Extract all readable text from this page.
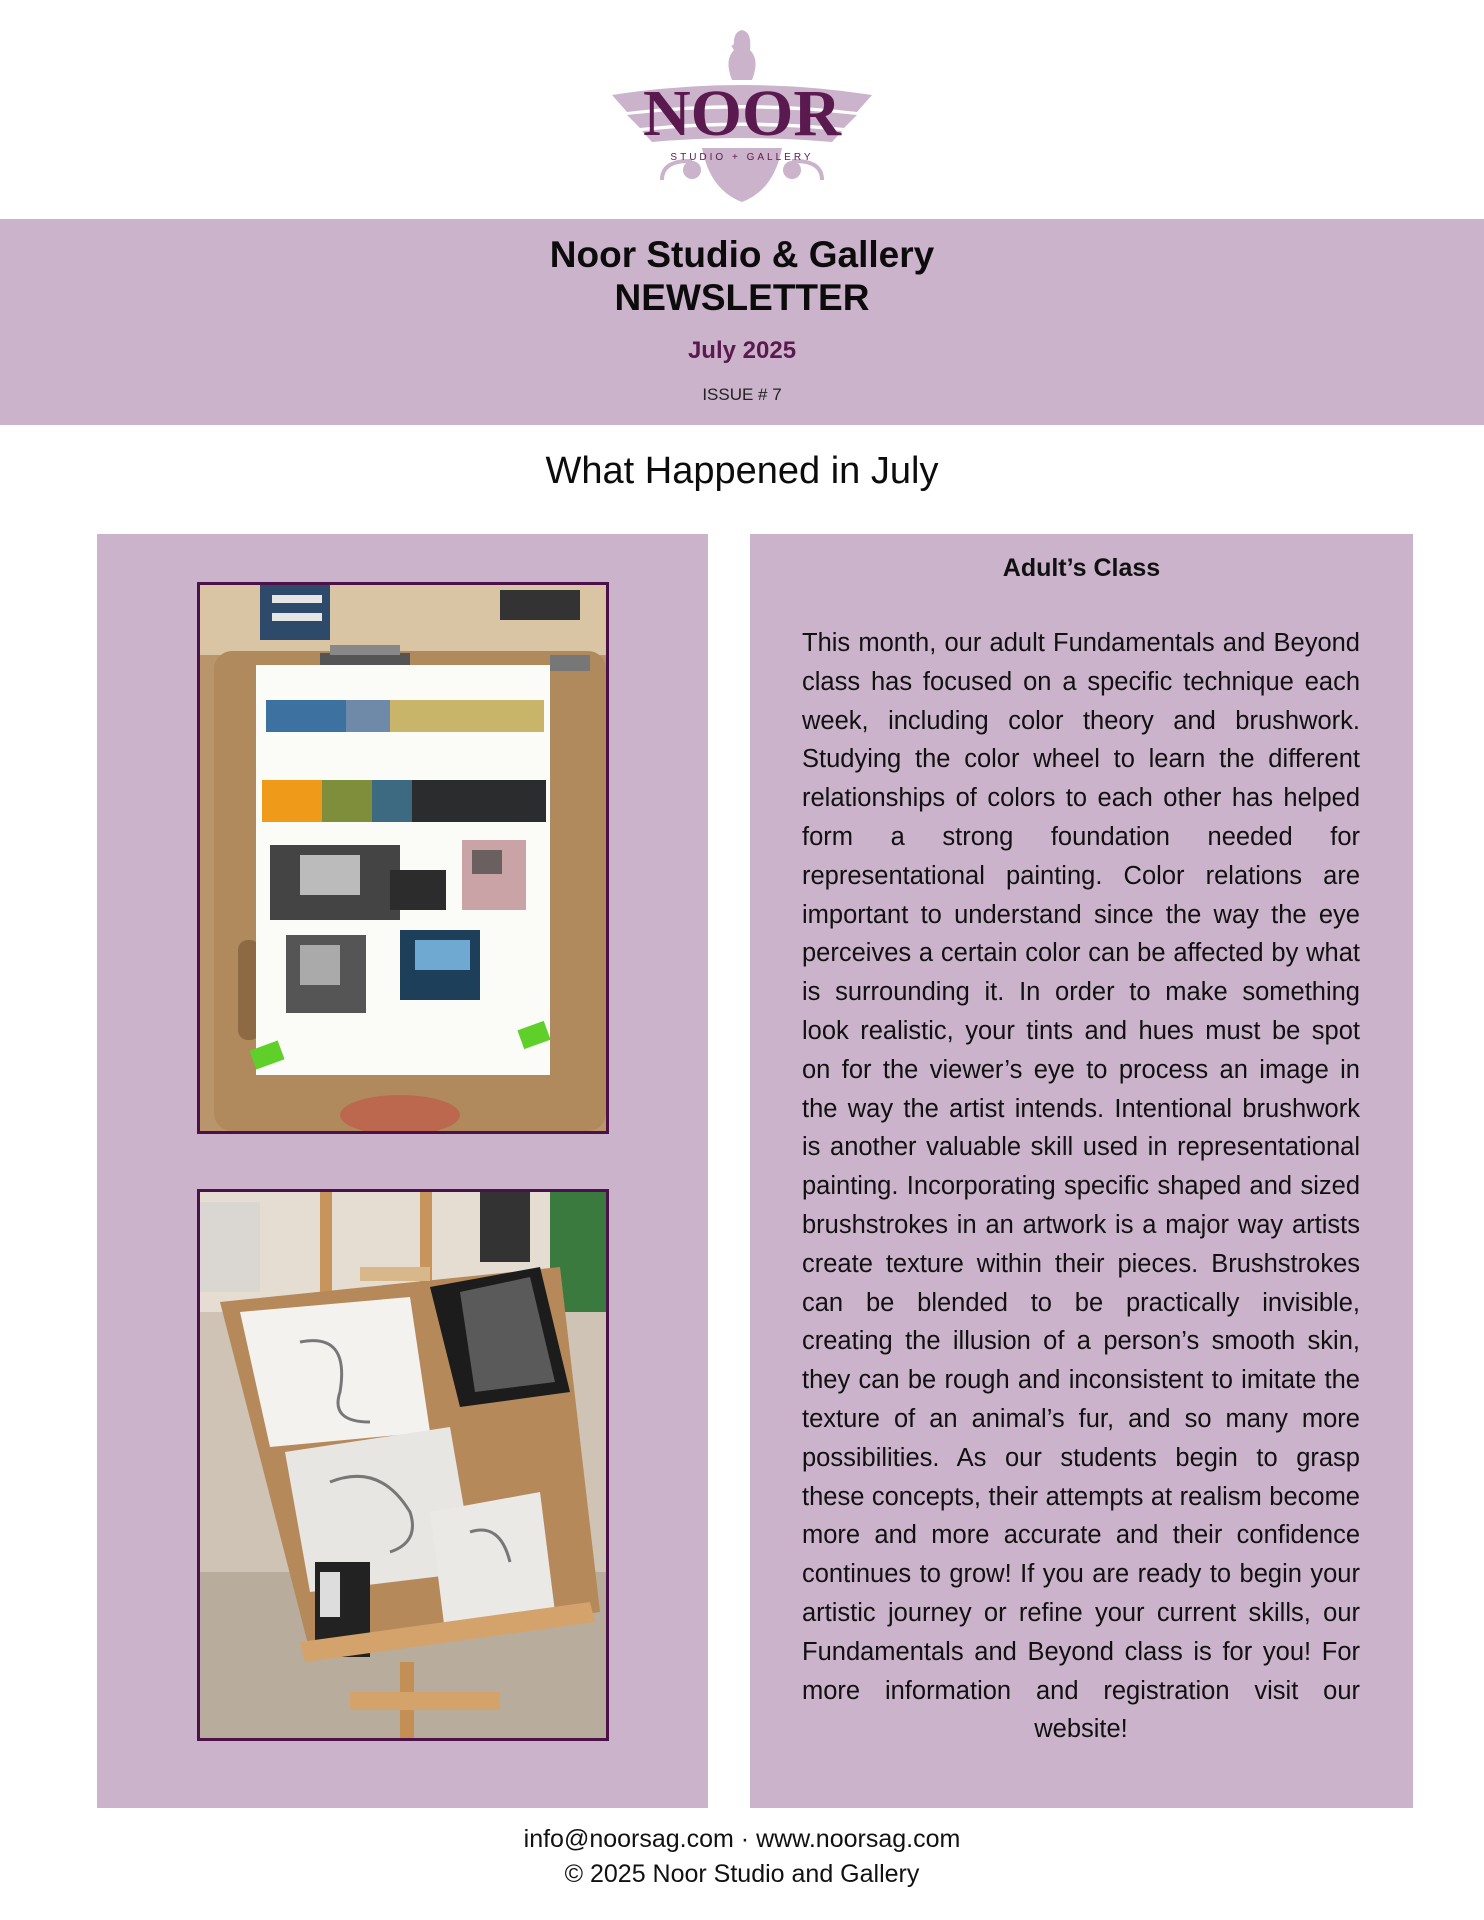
NOOR
STUDIO + GALLERY
Noor Studio & Gallery
NEWSLETTER
July 2025
ISSUE # 7
What Happened in July
Adult’s Class

This month, our adult Fundamentals and Beyond class has focused on a specific technique each week, including color theory and brushwork. Studying the color wheel to learn the different relationships of colors to each other has helped form a strong foundation needed for representational painting. Color relations are important to understand since the way the eye perceives a certain color can be affected by what is surrounding it. In order to make something look realistic, your tints and hues must be spot on for the viewer’s eye to process an image in the way the artist intends. Intentional brushwork is another valuable skill used in representational painting. Incorporating specific shaped and sized brushstrokes in an artwork is a major way artists create texture within their pieces. Brushstrokes can be blended to be practically invisible, creating the illusion of a person’s smooth skin, they can be rough and inconsistent to imitate the texture of an animal’s fur, and so many more possibilities. As our students begin to grasp these concepts, their attempts at realism become more and more accurate and their confidence continues to grow! If you are ready to begin your artistic journey or refine your current skills, our Fundamentals and Beyond class is for you! For more information and registration visit our website!

info@noorsag.com · www.noorsag.com
© 2025 Noor Studio and Gallery
